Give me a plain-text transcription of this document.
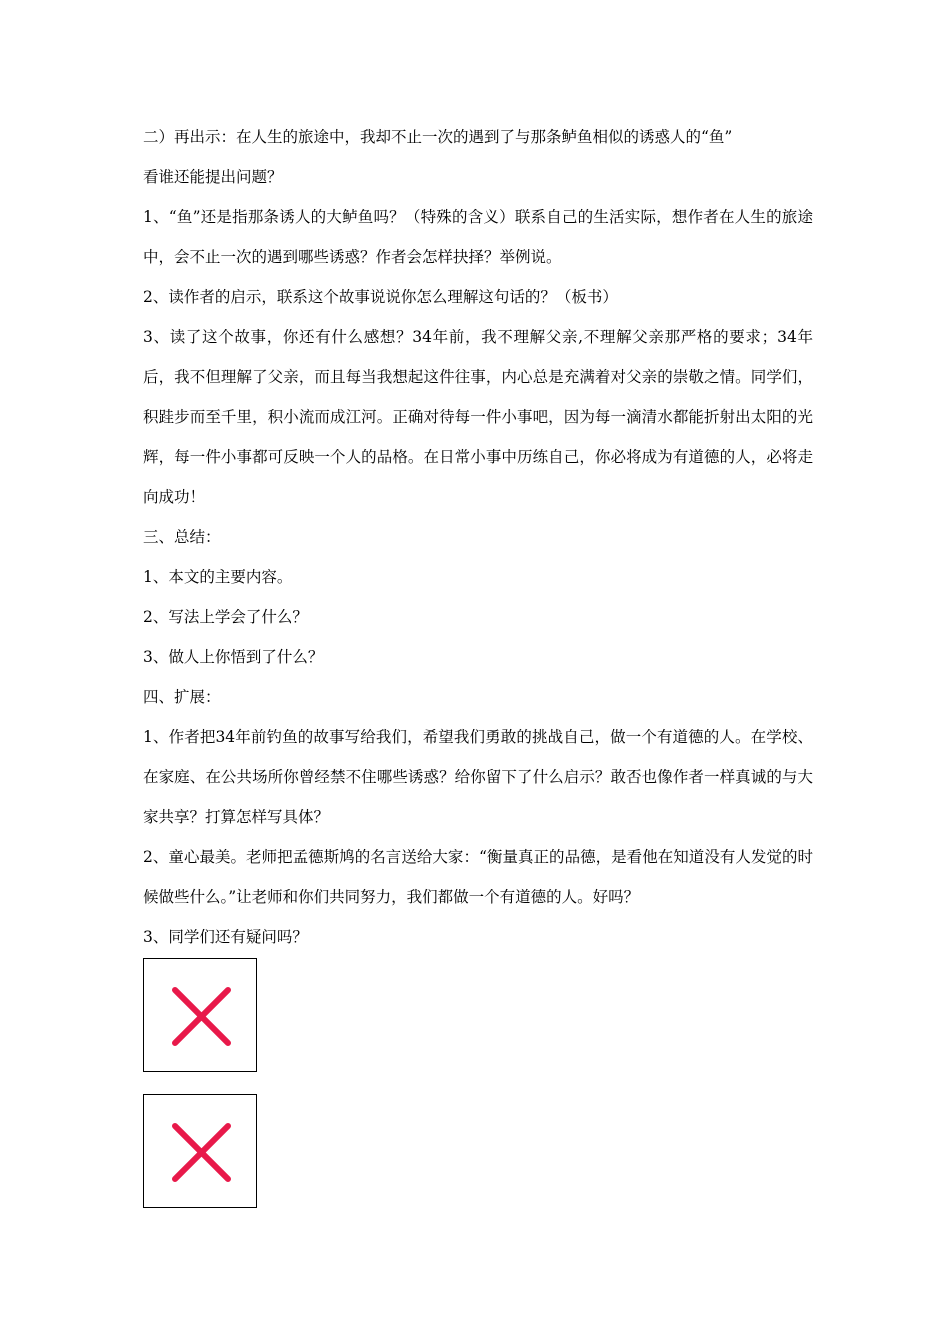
二）再出示：在人生的旅途中，我却不止一次的遇到了与那条鲈鱼相似的诱惑人的“鱼”

看谁还能提出问题？

1、“鱼”还是指那条诱人的大鲈鱼吗？（特殊的含义）联系自己的生活实际，想作者在人生的旅途中，会不止一次的遇到哪些诱惑？作者会怎样抉择？举例说。

2、读作者的启示，联系这个故事说说你怎么理解这句话的？（板书）

3、读了这个故事，你还有什么感想？34年前，我不理解父亲,不理解父亲那严格的要求；34年后，我不但理解了父亲，而且每当我想起这件往事，内心总是充满着对父亲的崇敬之情。同学们，积跬步而至千里，积小流而成江河。正确对待每一件小事吧，因为每一滴清水都能折射出太阳的光辉，每一件小事都可反映一个人的品格。在日常小事中历练自己，你必将成为有道德的人，必将走向成功！

三、总结：

1、本文的主要内容。

2、写法上学会了什么？

3、做人上你悟到了什么？

四、扩展：

1、作者把34年前钓鱼的故事写给我们，希望我们勇敢的挑战自己，做一个有道德的人。在学校、在家庭、在公共场所你曾经禁不住哪些诱惑？给你留下了什么启示？敢否也像作者一样真诚的与大家共享？打算怎样写具体？

2、童心最美。老师把孟德斯鸠的名言送给大家：“衡量真正的品德，是看他在知道没有人发觉的时候做些什么。”让老师和你们共同努力，我们都做一个有道德的人。好吗？

3、同学们还有疑问吗？
